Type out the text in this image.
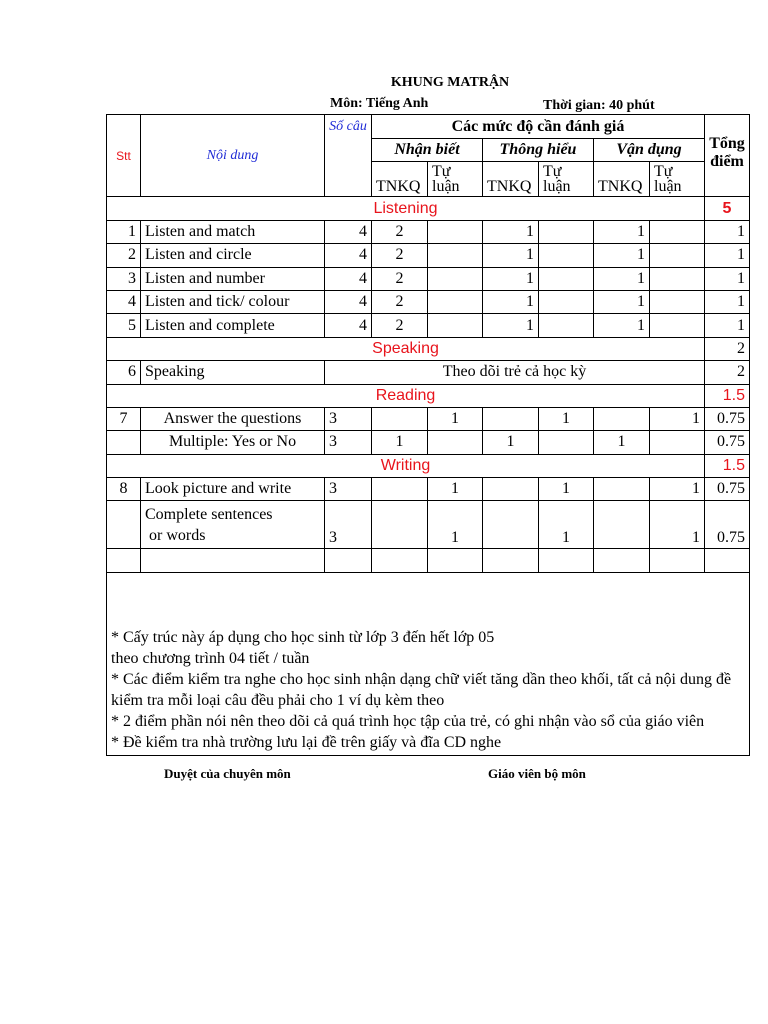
KHUNG MATRẬN
Môn: Tiếng Anh	Thời gian: 40 phút
Stt	Nội dung	Số câu	Các mức độ cần đánh giá						Tổng điểm
			Nhận biết		Thông hiểu		Vận dụng		
			TNKQ	Tự luận	TNKQ	Tự luận	TNKQ	Tự luận	
Listening									5
1	Listen and match	4	2		1		1		1
2	Listen and circle	4	2		1		1		1
3	Listen and number	4	2		1		1		1
4	Listen and tick/ colour	4	2		1		1		1
5	Listen and complete	4	2		1		1		1
Speaking									2
6	Speaking	Theo dõi trẻ cả học kỳ							2
Reading									1.5
7	Answer the questions	3		1		1		1	0.75
	Multiple: Yes or No	3	1		1		1		0.75
Writing									1.5
8	Look picture and write	3		1		1		1	0.75
	Complete sentences
or words	3		1		1		1	0.75

* Cấy trúc này áp dụng cho học sinh từ lớp 3 đến hết lớp 05
theo chương trình 04 tiết / tuần
* Các điểm kiểm tra nghe cho học sinh nhận dạng chữ viết tăng dần theo khối, tất cả nội dung đề kiểm tra mỗi loại câu đều phải cho 1 ví dụ kèm theo
* 2 điểm phần nói nên theo dõi cả quá trình học tập của trẻ, có ghi nhận vào sổ của giáo viên
* Đề kiểm tra nhà trường lưu lại đề trên giấy và đĩa CD nghe									
Duyệt của chuyên môn	Giáo viên bộ môn
